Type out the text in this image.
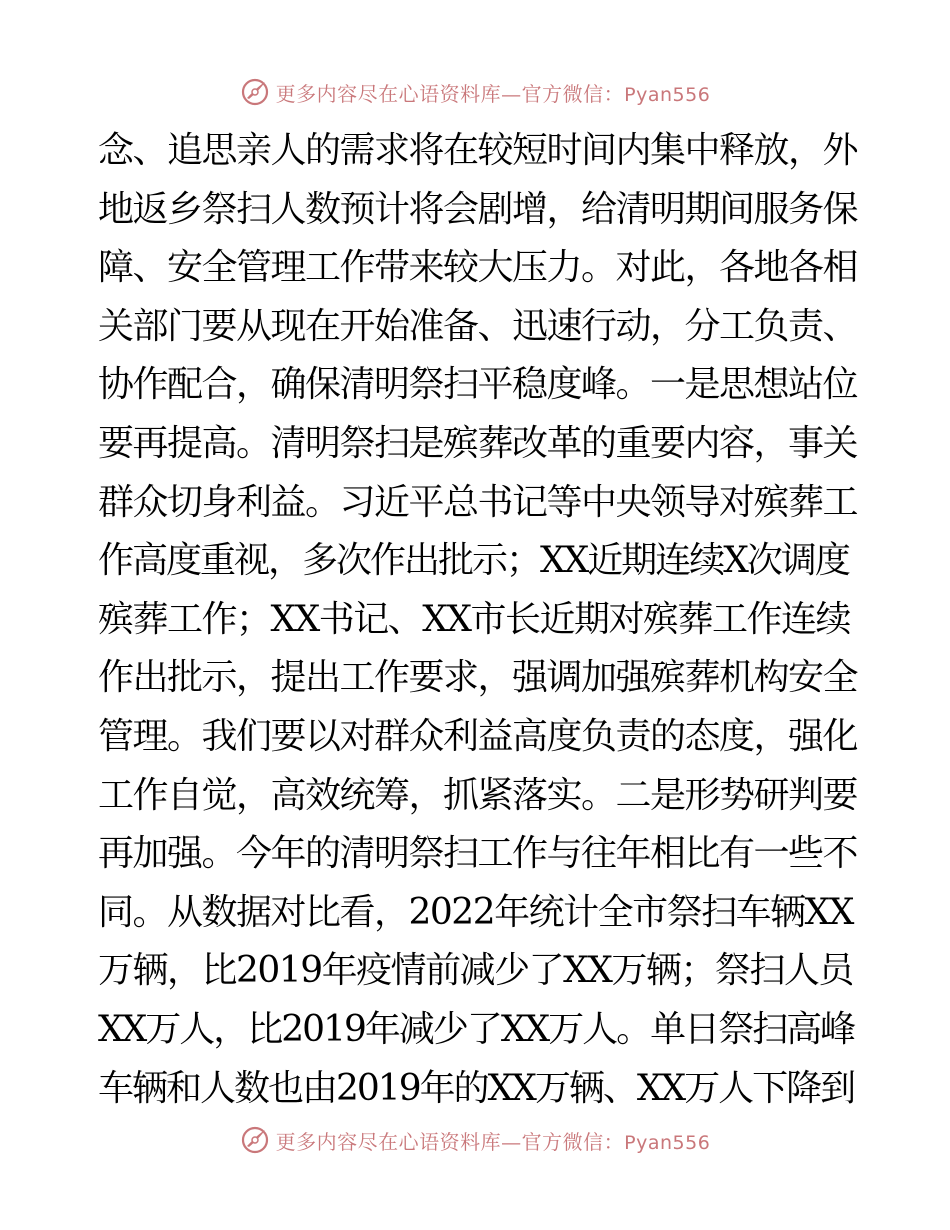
更多内容尽在心语资料库—官方微信：Pyan556
念、追思亲人的需求将在较短时间内集中释放，外
地返乡祭扫人数预计将会剧增，给清明期间服务保
障、安全管理工作带来较大压力。对此，各地各相
关部门要从现在开始准备、迅速行动，分工负责、
协作配合，确保清明祭扫平稳度峰。一是思想站位
要再提高。清明祭扫是殡葬改革的重要内容，事关
群众切身利益。习近平总书记等中央领导对殡葬工
作高度重视，多次作出批示；XX近期连续X次调度
殡葬工作；XX书记、XX市长近期对殡葬工作连续
作出批示，提出工作要求，强调加强殡葬机构安全
管理。我们要以对群众利益高度负责的态度，强化
工作自觉，高效统筹，抓紧落实。二是形势研判要
再加强。今年的清明祭扫工作与往年相比有一些不
同。从数据对比看，2022年统计全市祭扫车辆XX
万辆，比2019年疫情前减少了XX万辆；祭扫人员
XX万人，比2019年减少了XX万人。单日祭扫高峰
车辆和人数也由2019年的XX万辆、XX万人下降到
更多内容尽在心语资料库—官方微信：Pyan556
